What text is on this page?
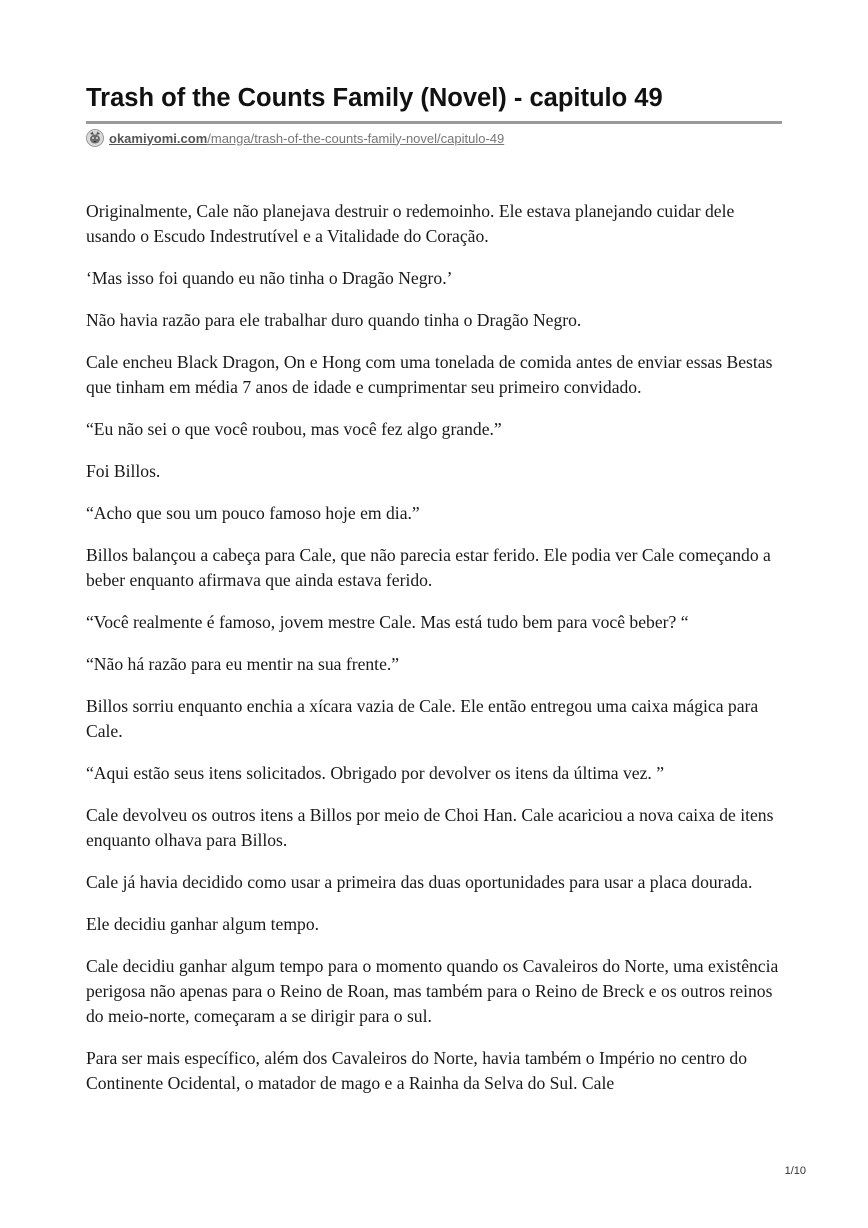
Trash of the Counts Family (Novel) - capitulo 49
okamiyomi.com /manga/trash-of-the-counts-family-novel/capitulo-49

Originalmente, Cale não planejava destruir o redemoinho. Ele estava planejando cuidar dele usando o Escudo Indestrutível e a Vitalidade do Coração.

‘Mas isso foi quando eu não tinha o Dragão Negro.’

Não havia razão para ele trabalhar duro quando tinha o Dragão Negro.

Cale encheu Black Dragon, On e Hong com uma tonelada de comida antes de enviar essas Bestas que tinham em média 7 anos de idade e cumprimentar seu primeiro convidado.

“Eu não sei o que você roubou, mas você fez algo grande.”

Foi Billos.

“Acho que sou um pouco famoso hoje em dia.”

Billos balançou a cabeça para Cale, que não parecia estar ferido. Ele podia ver Cale começando a beber enquanto afirmava que ainda estava ferido.

“Você realmente é famoso, jovem mestre Cale. Mas está tudo bem para você beber? “

“Não há razão para eu mentir na sua frente.”

Billos sorriu enquanto enchia a xícara vazia de Cale. Ele então entregou uma caixa mágica para Cale.

“Aqui estão seus itens solicitados. Obrigado por devolver os itens da última vez. ”

Cale devolveu os outros itens a Billos por meio de Choi Han. Cale acariciou a nova caixa de itens enquanto olhava para Billos.

Cale já havia decidido como usar a primeira das duas oportunidades para usar a placa dourada.

Ele decidiu ganhar algum tempo.

Cale decidiu ganhar algum tempo para o momento quando os Cavaleiros do Norte, uma existência perigosa não apenas para o Reino de Roan, mas também para o Reino de Breck e os outros reinos do meio-norte, começaram a se dirigir para o sul.

Para ser mais específico, além dos Cavaleiros do Norte, havia também o Império no centro do Continente Ocidental, o matador de mago e a Rainha da Selva do Sul. Cale

1/10
